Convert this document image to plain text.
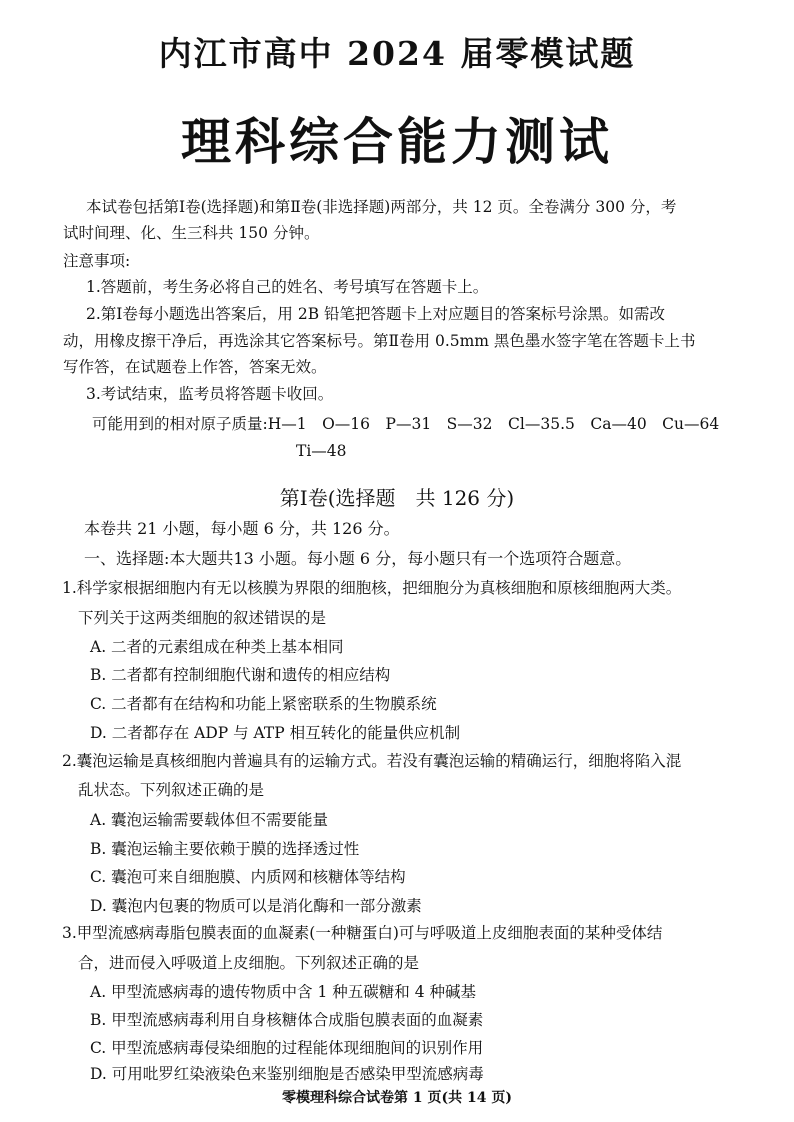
内江市高中 2024 届零模试题
理科综合能力测试
本试卷包括第Ⅰ卷(选择题)和第Ⅱ卷(非选择题)两部分，共 12 页。全卷满分 300 分，考
试时间理、化、生三科共 150 分钟。
注意事项:
1.答题前，考生务必将自己的姓名、考号填写在答题卡上。
2.第Ⅰ卷每小题选出答案后，用 2B 铅笔把答题卡上对应题目的答案标号涂黑。如需改
动，用橡皮擦干净后，再选涂其它答案标号。第Ⅱ卷用 0.5mm 黑色墨水签字笔在答题卡上书
写作答，在试题卷上作答，答案无效。
3.考试结束，监考员将答题卡收回。
可能用到的相对原子质量:H—1　O—16　P—31　S—32　Cl—35.5　Ca—40　Cu—64
Ti—48
第Ⅰ卷(选择题　共 126 分)
本卷共 21 小题，每小题 6 分，共 126 分。
一、选择题:本大题共13 小题。每小题 6 分，每小题只有一个选项符合题意。
1.科学家根据细胞内有无以核膜为界限的细胞核，把细胞分为真核细胞和原核细胞两大类。
下列关于这两类细胞的叙述错误的是
A. 二者的元素组成在种类上基本相同
B. 二者都有控制细胞代谢和遗传的相应结构
C. 二者都有在结构和功能上紧密联系的生物膜系统
D. 二者都存在 ADP 与 ATP 相互转化的能量供应机制
2.囊泡运输是真核细胞内普遍具有的运输方式。若没有囊泡运输的精确运行，细胞将陷入混
乱状态。下列叙述正确的是
A. 囊泡运输需要载体但不需要能量
B. 囊泡运输主要依赖于膜的选择透过性
C. 囊泡可来自细胞膜、内质网和核糖体等结构
D. 囊泡内包裹的物质可以是消化酶和一部分激素
3.甲型流感病毒脂包膜表面的血凝素(一种糖蛋白)可与呼吸道上皮细胞表面的某种受体结
合，进而侵入呼吸道上皮细胞。下列叙述正确的是
A. 甲型流感病毒的遗传物质中含 1 种五碳糖和 4 种碱基
B. 甲型流感病毒利用自身核糖体合成脂包膜表面的血凝素
C. 甲型流感病毒侵染细胞的过程能体现细胞间的识别作用
D. 可用吡罗红染液染色来鉴别细胞是否感染甲型流感病毒
零模理科综合试卷第 1 页(共 14 页)
